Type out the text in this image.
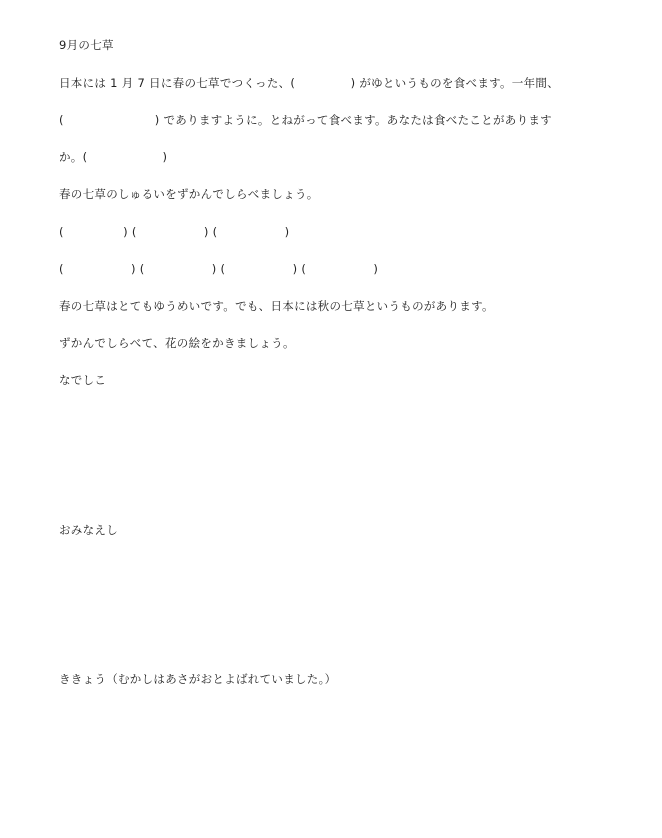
9月の七草
日本には 1 月 7 日に春の七草でつくった、(              ) がゆというものを食べます。一年間、
(                       ) でありますように。とねがって食べます。あなたは食べたことがあります
か。(                   )
春の七草のしゅるいをずかんでしらべましょう。
(               ) (                 ) (                 )
(                 ) (                 ) (                 ) (                 )
春の七草はとてもゆうめいです。でも、日本には秋の七草というものがあります。
ずかんでしらべて、花の絵をかきましょう。
なでしこ
おみなえし
ききょう（むかしはあさがおとよばれていました。）
